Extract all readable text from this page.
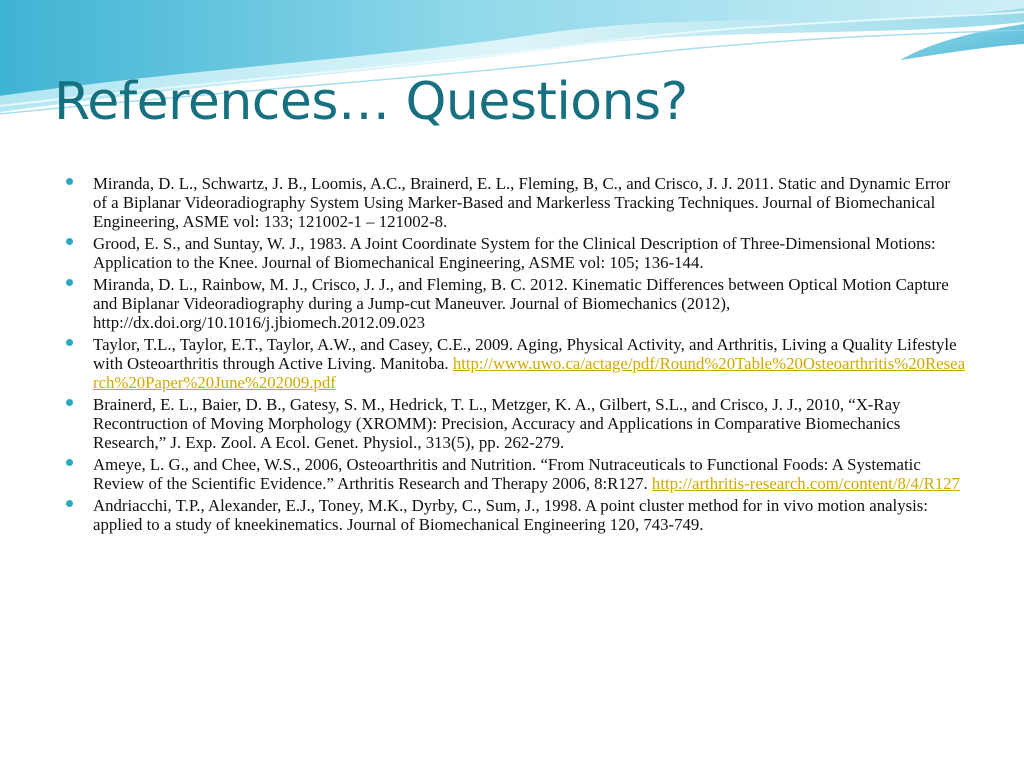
References… Questions?
Miranda, D. L., Schwartz, J. B., Loomis, A.C., Brainerd, E. L., Fleming, B, C., and Crisco, J. J. 2011. Static and Dynamic Error of a Biplanar Videoradiography System Using Marker-Based and Markerless Tracking Techniques. Journal of Biomechanical Engineering, ASME vol: 133; 121002-1 – 121002-8.
Grood, E. S., and Suntay, W. J., 1983. A Joint Coordinate System for the Clinical Description of Three-Dimensional Motions: Application to the Knee. Journal of Biomechanical Engineering, ASME vol: 105; 136-144.
Miranda, D. L., Rainbow, M. J., Crisco, J. J., and Fleming, B. C. 2012. Kinematic Differences between Optical Motion Capture and Biplanar Videoradiography during a Jump-cut Maneuver. Journal of Biomechanics (2012), http://dx.doi.org/10.1016/j.jbiomech.2012.09.023
Taylor, T.L., Taylor, E.T., Taylor, A.W., and Casey, C.E., 2009. Aging, Physical Activity, and Arthritis, Living a Quality Lifestyle with Osteoarthritis through Active Living. Manitoba. http://www.uwo.ca/actage/pdf/Round%20Table%20Osteoarthritis%20Research%20Paper%20June%202009.pdf
Brainerd, E. L., Baier, D. B., Gatesy, S. M., Hedrick, T. L., Metzger, K. A., Gilbert, S.L., and Crisco, J. J., 2010, “X-Ray Recontruction of Moving Morphology (XROMM): Precision, Accuracy and Applications in Comparative Biomechanics Research,” J. Exp. Zool. A Ecol. Genet. Physiol., 313(5), pp. 262-279.
Ameye, L. G., and Chee, W.S., 2006, Osteoarthritis and Nutrition. “From Nutraceuticals to Functional Foods: A Systematic Review of the Scientific Evidence.” Arthritis Research and Therapy 2006, 8:R127. http://arthritis-research.com/content/8/4/R127
Andriacchi, T.P., Alexander, E.J., Toney, M.K., Dyrby, C., Sum, J., 1998. A point cluster method for in vivo motion analysis: applied to a study of kneekinematics. Journal of Biomechanical Engineering 120, 743-749.
